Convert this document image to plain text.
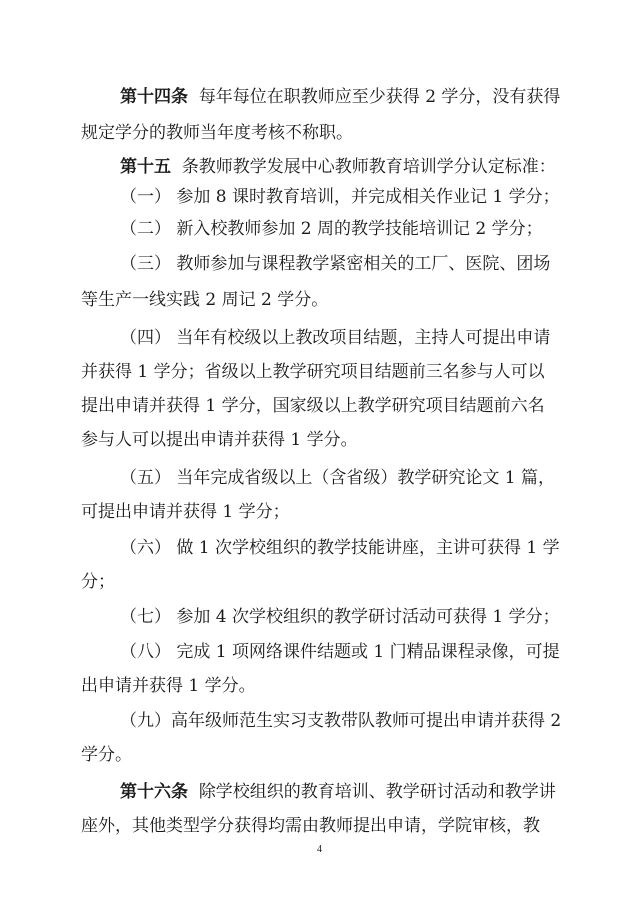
第十四条 每年每位在职教师应至少获得 2 学分，没有获得
规定学分的教师当年度考核不称职。
第十五 条教师教学发展中心教师教育培训学分认定标准：
（一） 参加 8 课时教育培训，并完成相关作业记 1 学分；
（二） 新入校教师参加 2 周的教学技能培训记 2 学分；
（三） 教师参加与课程教学紧密相关的工厂、医院、团场
等生产一线实践 2 周记 2 学分。
（四） 当年有校级以上教改项目结题，主持人可提出申请
并获得 1 学分；省级以上教学研究项目结题前三名参与人可以
提出申请并获得 1 学分，国家级以上教学研究项目结题前六名
参与人可以提出申请并获得 1 学分。
（五） 当年完成省级以上（含省级）教学研究论文 1 篇，
可提出申请并获得 1 学分；
（六） 做 1 次学校组织的教学技能讲座，主讲可获得 1 学
分；
（七） 参加 4 次学校组织的教学研讨活动可获得 1 学分；
（八） 完成 1 项网络课件结题或 1 门精品课程录像，可提
出申请并获得 1 学分。
（九）高年级师范生实习支教带队教师可提出申请并获得 2
学分。
第十六条 除学校组织的教育培训、教学研讨活动和教学讲
座外，其他类型学分获得均需由教师提出申请，学院审核，教
4
